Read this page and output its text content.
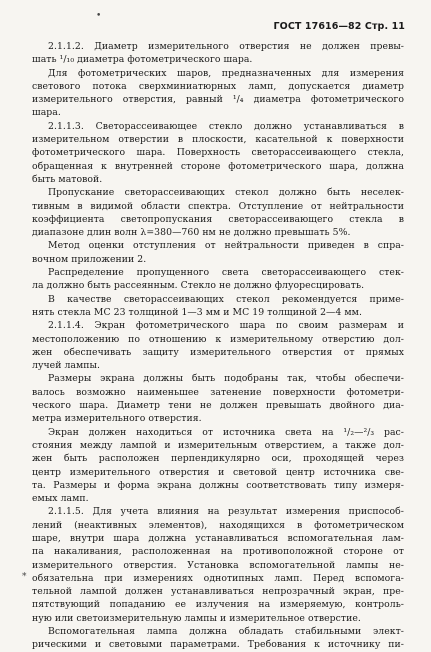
•
ГОСТ 17616—82 Стр. 11
2.1.1.2. Диаметр измерительного отверстия не должен превы-
шать ¹/₁₀ диаметра фотометрического шара.
Для фотометрических шаров, предназначенных для измерения
светового потока сверхминиатюрных ламп, допускается диаметр
измерительного отверстия, равный ¹/₄ диаметра фотометрического
шара.
2.1.1.3. Светорассеивающее стекло должно устанавливаться в
измерительном отверстии в плоскости, касательной к поверхности
фотометрического шара. Поверхность светорассеивающего стекла,
обращенная к внутренней стороне фотометрического шара, должна
быть матовой.
Пропускание светорассеивающих стекол должно быть неселек-
тивным в видимой области спектра. Отступление от нейтральности
коэффициента светопропускания светорассеивающего стекла в
диапазоне длин волн λ=380—760 нм не должно превышать 5%.
Метод оценки отступления от нейтральности приведен в спра-
вочном приложении 2.
Распределение пропущенного света светорассеивающего стек-
ла должно быть рассеянным. Стекло не должно флуоресцировать.
В качестве светорассеивающих стекол рекомендуется приме-
нять стекла МС 23 толщиной 1—3 мм и МС 19 толщиной 2—4 мм.
2.1.1.4. Экран фотометрического шара по своим размерам и
местоположению по отношению к измерительному отверстию дол-
жен обеспечивать защиту измерительного отверстия от прямых
лучей лампы.
Размеры экрана должны быть подобраны так, чтобы обеспечи-
валось возможно наименьшее затенение поверхности фотометри-
ческого шара. Диаметр тени не должен превышать двойного диа-
метра измерительного отверстия.
Экран должен находиться от источника света на ¹/₂—²/₃ рас-
стояния между лампой и измерительным отверстием, а также дол-
жен быть расположен перпендикулярно оси, проходящей через
центр измерительного отверстия и световой центр источника све-
та. Размеры и форма экрана должны соответствовать типу измеря-
емых ламп.
2.1.1.5. Для учета влияния на результат измерения приспособ-
лений (неактивных элементов), находящихся в фотометрическом
шаре, внутри шара должна устанавливаться вспомогательная лам-
па накаливания, расположенная на противоположной стороне от
измерительного отверстия. Установка вспомогательной лампы не-
обязательна при измерениях однотипных ламп. Перед вспомога-
тельной лампой должен устанавливаться непрозрачный экран, пре-
пятствующий попаданию ее излучения на измеряемую, контроль-
ную или светоизмерительную лампы и измерительное отверстие.
Вспомогательная лампа должна обладать стабильными элект-
рическими и световыми параметрами. Требования к источнику пи-
*
